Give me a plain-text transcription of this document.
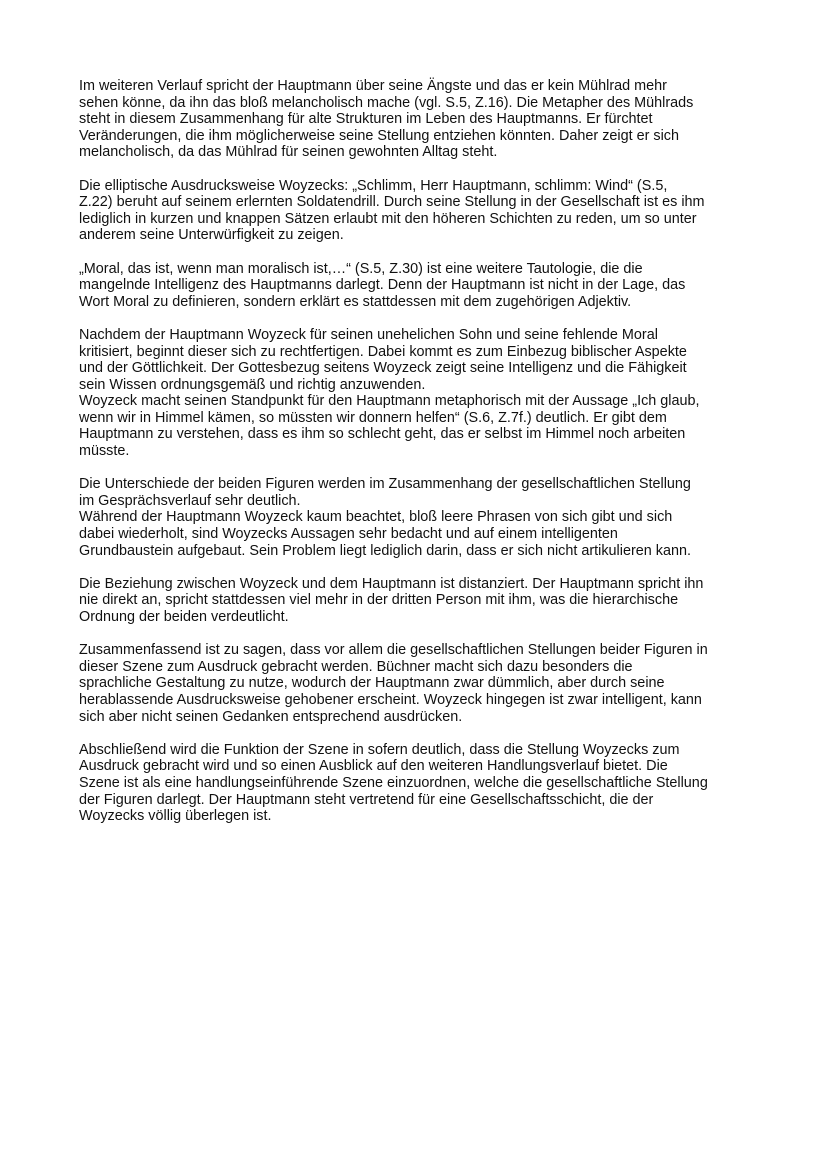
Im weiteren Verlauf spricht der Hauptmann über seine Ängste und das er kein Mühlrad mehr
sehen könne, da ihn das bloß melancholisch mache (vgl. S.5, Z.16). Die Metapher des Mühlrads
steht in diesem Zusammenhang für alte Strukturen im Leben des Hauptmanns. Er fürchtet
Veränderungen, die ihm möglicherweise seine Stellung entziehen könnten. Daher zeigt er sich
melancholisch, da das Mühlrad für seinen gewohnten Alltag steht.

Die elliptische Ausdrucksweise Woyzecks: „Schlimm, Herr Hauptmann, schlimm: Wind“ (S.5,
Z.22) beruht auf seinem erlernten Soldatendrill. Durch seine Stellung in der Gesellschaft ist es ihm
lediglich in kurzen und knappen Sätzen erlaubt mit den höheren Schichten zu reden, um so unter
anderem seine Unterwürfigkeit zu zeigen.

„Moral, das ist, wenn man moralisch ist,…“ (S.5, Z.30) ist eine weitere Tautologie, die die
mangelnde Intelligenz des Hauptmanns darlegt. Denn der Hauptmann ist nicht in der Lage, das
Wort Moral zu definieren, sondern erklärt es stattdessen mit dem zugehörigen Adjektiv.

Nachdem der Hauptmann Woyzeck für seinen unehelichen Sohn und seine fehlende Moral
kritisiert, beginnt dieser sich zu rechtfertigen. Dabei kommt es zum Einbezug biblischer Aspekte
und der Göttlichkeit. Der Gottesbezug seitens Woyzeck zeigt seine Intelligenz und die Fähigkeit
sein Wissen ordnungsgemäß und richtig anzuwenden.
Woyzeck macht seinen Standpunkt für den Hauptmann metaphorisch mit der Aussage „Ich glaub,
wenn wir in Himmel kämen, so müssten wir donnern helfen“ (S.6, Z.7f.) deutlich. Er gibt dem
Hauptmann zu verstehen, dass es ihm so schlecht geht, das er selbst im Himmel noch arbeiten
müsste.

Die Unterschiede der beiden Figuren werden im Zusammenhang der gesellschaftlichen Stellung
im Gesprächsverlauf sehr deutlich.
Während der Hauptmann Woyzeck kaum beachtet, bloß leere Phrasen von sich gibt und sich
dabei wiederholt, sind Woyzecks Aussagen sehr bedacht und auf einem intelligenten
Grundbaustein aufgebaut. Sein Problem liegt lediglich darin, dass er sich nicht artikulieren kann.

Die Beziehung zwischen Woyzeck und dem Hauptmann ist distanziert. Der Hauptmann spricht ihn
nie direkt an, spricht stattdessen viel mehr in der dritten Person mit ihm, was die hierarchische
Ordnung der beiden verdeutlicht.

Zusammenfassend ist zu sagen, dass vor allem die gesellschaftlichen Stellungen beider Figuren in
dieser Szene zum Ausdruck gebracht werden. Büchner macht sich dazu besonders die
sprachliche Gestaltung zu nutze, wodurch der Hauptmann zwar dümmlich, aber durch seine
herablassende Ausdrucksweise gehobener erscheint. Woyzeck hingegen ist zwar intelligent, kann
sich aber nicht seinen Gedanken entsprechend ausdrücken.

Abschließend wird die Funktion der Szene in sofern deutlich, dass die Stellung Woyzecks zum
Ausdruck gebracht wird und so einen Ausblick auf den weiteren Handlungsverlauf bietet. Die
Szene ist als eine handlungseinführende Szene einzuordnen, welche die gesellschaftliche Stellung
der Figuren darlegt. Der Hauptmann steht vertretend für eine Gesellschaftsschicht, die der
Woyzecks völlig überlegen ist.
